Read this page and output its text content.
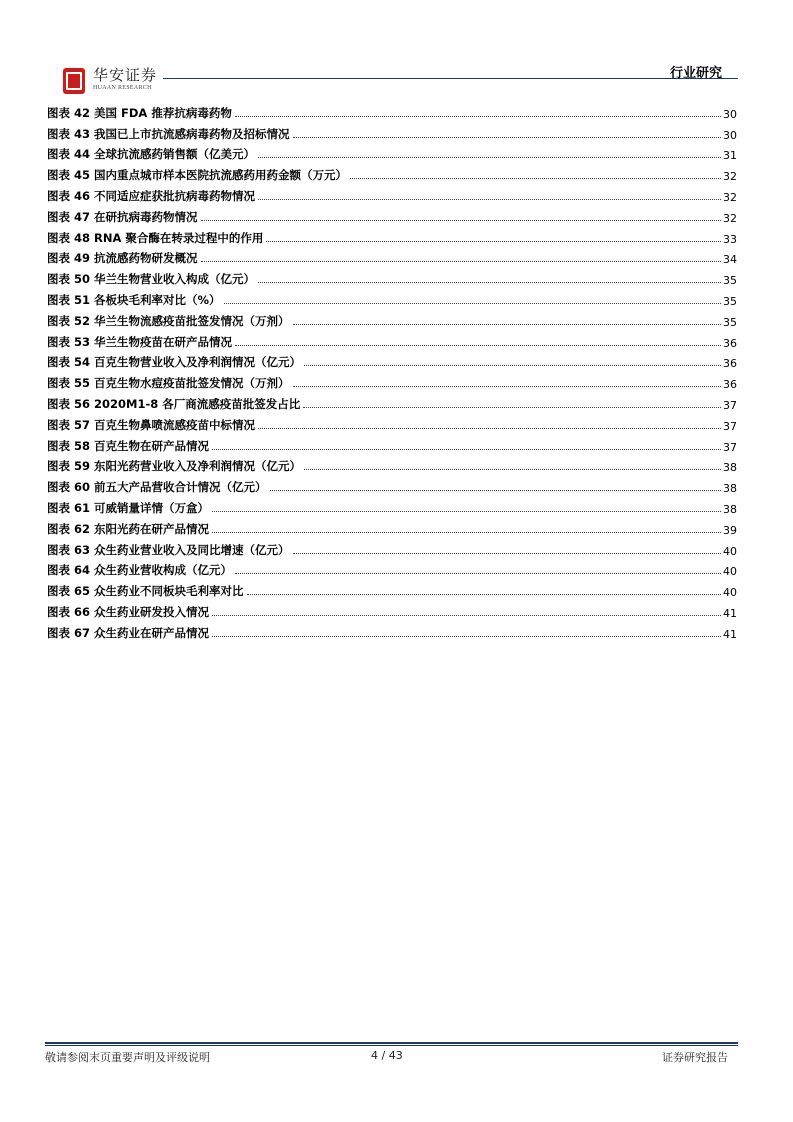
华安证券
HUAAN RESEARCH
行业研究
图表 42 美国 FDA 推荐抗病毒药物	30
图表 43 我国已上市抗流感病毒药物及招标情况	30
图表 44 全球抗流感药销售额（亿美元）	31
图表 45 国内重点城市样本医院抗流感药用药金额（万元）	32
图表 46 不同适应症获批抗病毒药物情况	32
图表 47 在研抗病毒药物情况	32
图表 48 RNA 聚合酶在转录过程中的作用	33
图表 49 抗流感药物研发概况	34
图表 50 华兰生物营业收入构成（亿元）	35
图表 51 各板块毛利率对比（%）	35
图表 52 华兰生物流感疫苗批签发情况（万剂）	35
图表 53 华兰生物疫苗在研产品情况	36
图表 54 百克生物营业收入及净利润情况（亿元）	36
图表 55 百克生物水痘疫苗批签发情况（万剂）	36
图表 56 2020M1-8 各厂商流感疫苗批签发占比	37
图表 57 百克生物鼻喷流感疫苗中标情况	37
图表 58 百克生物在研产品情况	37
图表 59 东阳光药营业收入及净利润情况（亿元）	38
图表 60 前五大产品营收合计情况（亿元）	38
图表 61 可威销量详情（万盒）	38
图表 62 东阳光药在研产品情况	39
图表 63 众生药业营业收入及同比增速（亿元）	40
图表 64 众生药业营收构成（亿元）	40
图表 65 众生药业不同板块毛利率对比	40
图表 66 众生药业研发投入情况	41
图表 67 众生药业在研产品情况	41
敬请参阅末页重要声明及评级说明	4 / 43	证券研究报告
